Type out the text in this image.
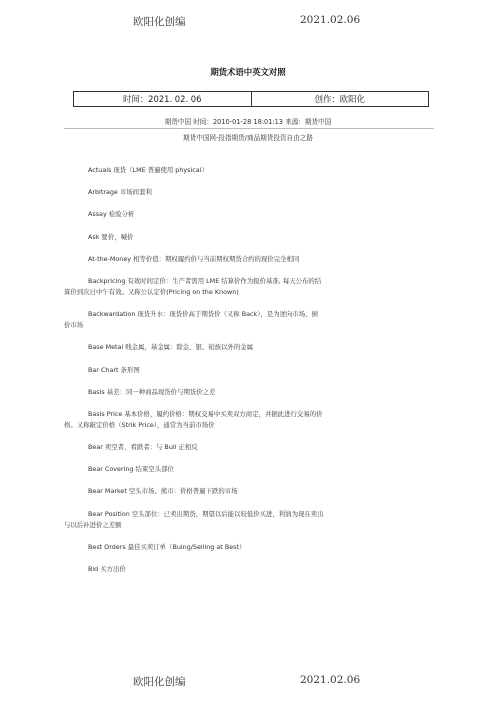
欧阳化创编	2021.02.06
期货术语中英文对照
时间：2021. 02. 06	创作：欧阳化
期货中国 时间：2010-01-28 18:01:13 来源：期货中国
期货中国网-投指期货/商品期货投资自由之路
Actuals 现货（LME 普遍使用 physical）
Arbitrage 市场间套利
Assay 检验分析
Ask 要价，喊价
At-the-Money 相等价值：期权履约价与当前期权期货合约的现价完全相同
Backpricing 有效时间定价：生产者需用 LME 结算价作为报价基准, 每天公布的结
算价到次日中午有效。又称公认定价(Pricing on the Known)
Backwardation 现货升水：现货价高于期货价（又称 Back），是为逆向市场、倒
价市场
Base Metal 贱金属，基金属：除金、银、铂族以外的金属
Bar Chart 条形图
Basis 基差：同一种商品现货价与期货价之差
Basis Price 基本价格，履约价格：期权交易中买卖双方商定，并据此进行交易的价
格。又称敲定价格（Strik Price），通常为当前市场价
Bear 卖空者，看跌者：与 Bull 正相反
Bear Covering 结束空头部位
Bear Market 空头市场、熊市：价格普遍下跌的市场
Bear Position 空头部位：已卖出期货，期望以后能以较低价买进，利润为现在卖出
与以后补进价之差额
Best Orders 最佳买卖订单（Buing/Selling at Best）
Bid 买方出价
欧阳化创编	2021.02.06
